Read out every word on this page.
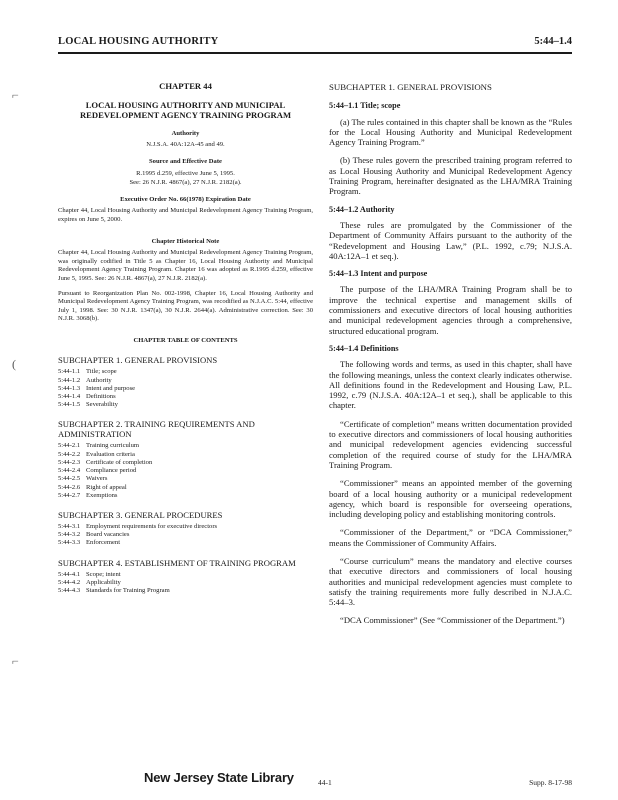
LOCAL HOUSING AUTHORITY	5:44–1.4
⌐
(
⌐
CHAPTER 44
LOCAL HOUSING AUTHORITY AND MUNICIPAL REDEVELOPMENT AGENCY TRAINING PROGRAM
Authority
N.J.S.A. 40A:12A-45 and 49.
Source and Effective Date
R.1995 d.259, effective June 5, 1995.
See: 26 N.J.R. 4867(a), 27 N.J.R. 2182(a).
Executive Order No. 66(1978) Expiration Date
Chapter 44, Local Housing Authority and Municipal Redevelopment Agency Training Program, expires on June 5, 2000.
Chapter Historical Note
Chapter 44, Local Housing Authority and Municipal Redevelopment Agency Training Program, was originally codified in Title 5 as Chapter 16, Local Housing Authority and Municipal Redevelopment Agency Training Program. Chapter 16 was adopted as R.1995 d.259, effective June 5, 1995. See: 26 N.J.R. 4867(a), 27 N.J.R. 2182(a).
Pursuant to Reorganization Plan No. 002-1998, Chapter 16, Local Housing Authority and Municipal Redevelopment Agency Training Program, was recodified as N.J.A.C. 5:44, effective July 1, 1998. See: 30 N.J.R. 1347(a), 30 N.J.R. 2644(a). Administrative correction. See: 30 N.J.R. 3068(b).
CHAPTER TABLE OF CONTENTS
SUBCHAPTER 1. GENERAL PROVISIONS
5:44-1.1 Title; scope
5:44-1.2 Authority
5:44-1.3 Intent and purpose
5:44-1.4 Definitions
5:44-1.5 Severability
SUBCHAPTER 2. TRAINING REQUIREMENTS AND ADMINISTRATION
5:44-2.1 Training curriculum
5:44-2.2 Evaluation criteria
5:44-2.3 Certificate of completion
5:44-2.4 Compliance period
5:44-2.5 Waivers
5:44-2.6 Right of appeal
5:44-2.7 Exemptions
SUBCHAPTER 3. GENERAL PROCEDURES
5:44-3.1 Employment requirements for executive directors
5:44-3.2 Board vacancies
5:44-3.3 Enforcement
SUBCHAPTER 4. ESTABLISHMENT OF TRAINING PROGRAM
5:44-4.1 Scope; intent
5:44-4.2 Applicability
5:44-4.3 Standards for Training Program
SUBCHAPTER 1. GENERAL PROVISIONS
5:44–1.1 Title; scope
(a) The rules contained in this chapter shall be known as the “Rules for the Local Housing Authority and Municipal Redevelopment Agency Training Program.”
(b) These rules govern the prescribed training program referred to as Local Housing Authority and Municipal Redevelopment Agency Training Program, hereinafter designated as the LHA/MRA Training Program.
5:44–1.2 Authority
These rules are promulgated by the Commissioner of the Department of Community Affairs pursuant to the authority of the “Redevelopment and Housing Law,” (P.L. 1992, c.79; N.J.S.A. 40A:12A–1 et seq.).
5:44–1.3 Intent and purpose
The purpose of the LHA/MRA Training Program shall be to improve the technical expertise and management skills of commissioners and executive directors of local housing authorities and municipal redevelopment agencies through a comprehensive, structured educational program.
5:44–1.4 Definitions
The following words and terms, as used in this chapter, shall have the following meanings, unless the context clearly indicates otherwise. All definitions found in the Redevelopment and Housing Law, P.L. 1992, c.79 (N.J.S.A. 40A:12A–1 et seq.), shall be applicable to this chapter.
“Certificate of completion” means written documentation provided to executive directors and commissioners of local housing authorities and municipal redevelopment agencies evidencing successful completion of the required course of study for the LHA/MRA Training Program.
“Commissioner” means an appointed member of the governing board of a local housing authority or a municipal redevelopment agency, which board is responsible for overseeing operations, including developing policy and establishing monitoring controls.
“Commissioner of the Department,” or “DCA Commissioner,” means the Commissioner of Community Affairs.
“Course curriculum” means the mandatory and elective courses that executive directors and commissioners of local housing authorities and municipal redevelopment agencies must complete to satisfy the training requirements more fully described in N.J.A.C. 5:44–3.
“DCA Commissioner” (See “Commissioner of the Department.”)
New Jersey State Library	44-1	Supp. 8-17-98
